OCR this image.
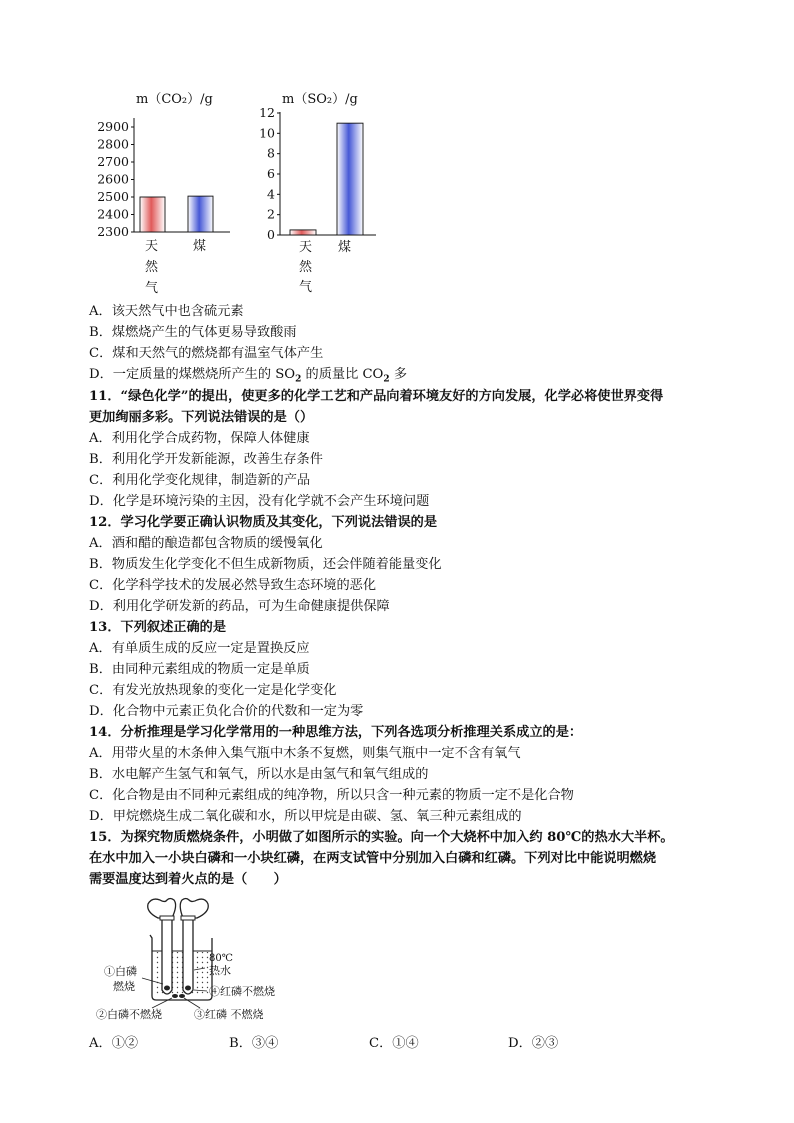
m（CO₂）/g
2900
2800
2700
2600
2500
2400
2300
天
然
气
煤
m（SO₂）/g
12
10
8
6
4
2
0
天
然
气
煤
A．该天然气中也含硫元素
B．煤燃烧产生的气体更易导致酸雨
C．煤和天然气的燃烧都有温室气体产生
D．一定质量的煤燃烧所产生的 $SO_2$ 的质量比 $CO_2$ 多
11．“绿色化学”的提出，使更多的化学工艺和产品向着环境友好的方向发展，化学必将使世界变得
更加绚丽多彩。下列说法错误的是（）
A．利用化学合成药物，保障人体健康
B．利用化学开发新能源，改善生存条件
C．利用化学变化规律，制造新的产品
D．化学是环境污染的主因，没有化学就不会产生环境问题
12．学习化学要正确认识物质及其变化，下列说法错误的是
A．酒和醋的酿造都包含物质的缓慢氧化
B．物质发生化学变化不但生成新物质，还会伴随着能量变化
C．化学科学技术的发展必然导致生态环境的恶化
D．利用化学研发新的药品，可为生命健康提供保障
13．下列叙述正确的是
A．有单质生成的反应一定是置换反应
B．由同种元素组成的物质一定是单质
C．有发光放热现象的变化一定是化学变化
D．化合物中元素正负化合价的代数和一定为零
14．分析推理是学习化学常用的一种思维方法，下列各选项分析推理关系成立的是：
A．用带火星的木条伸入集气瓶中木条不复燃，则集气瓶中一定不含有氧气
B．水电解产生氢气和氧气，所以水是由氢气和氧气组成的
C．化合物是由不同种元素组成的纯净物，所以只含一种元素的物质一定不是化合物
D．甲烷燃烧生成二氧化碳和水，所以甲烷是由碳、氢、氧三种元素组成的
15．为探究物质燃烧条件，小明做了如图所示的实验。向一个大烧杯中加入约 80℃的热水大半杯。
在水中加入一小块白磷和一小块红磷，在两支试管中分别加入白磷和红磷。下列对比中能说明燃烧
需要温度达到着火点的是（　　）
①白磷
燃烧
80℃
热水
④红磷不燃烧
②白磷不燃烧	③红磷 不燃烧
A．①②	B．③④	C．①④	D．②③
